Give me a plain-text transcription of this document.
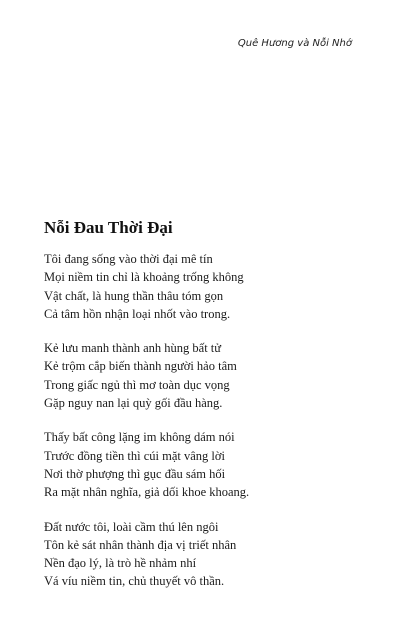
Quê Hương và Nỗi Nhớ
Nỗi Đau Thời Đại
Tôi đang sống vào thời đại mê tín
Mọi niềm tin chỉ là khoảng trống không
Vật chất, là hung thần thâu tóm gọn
Cả tâm hồn nhận loại nhốt vào trong.
Kẻ lưu manh thành anh hùng bất tử
Kẻ trộm cắp biến thành người hảo tâm
Trong giấc ngủ thì mơ toàn dục vọng
Gặp nguy nan lại quỳ gối đầu hàng.
Thấy bất công lặng im không dám nói
Trước đồng tiền thì cúi mặt vâng lời
Nơi thờ phượng thì gục đầu sám hối
Ra mặt nhân nghĩa, giả dối khoe khoang.
Đất nước tôi, loài cầm thú lên ngôi
Tôn kẻ sát nhân thành địa vị triết nhân
Nền đạo lý, là trò hề nhảm nhí
Vá víu niềm tin, chủ thuyết vô thần.
